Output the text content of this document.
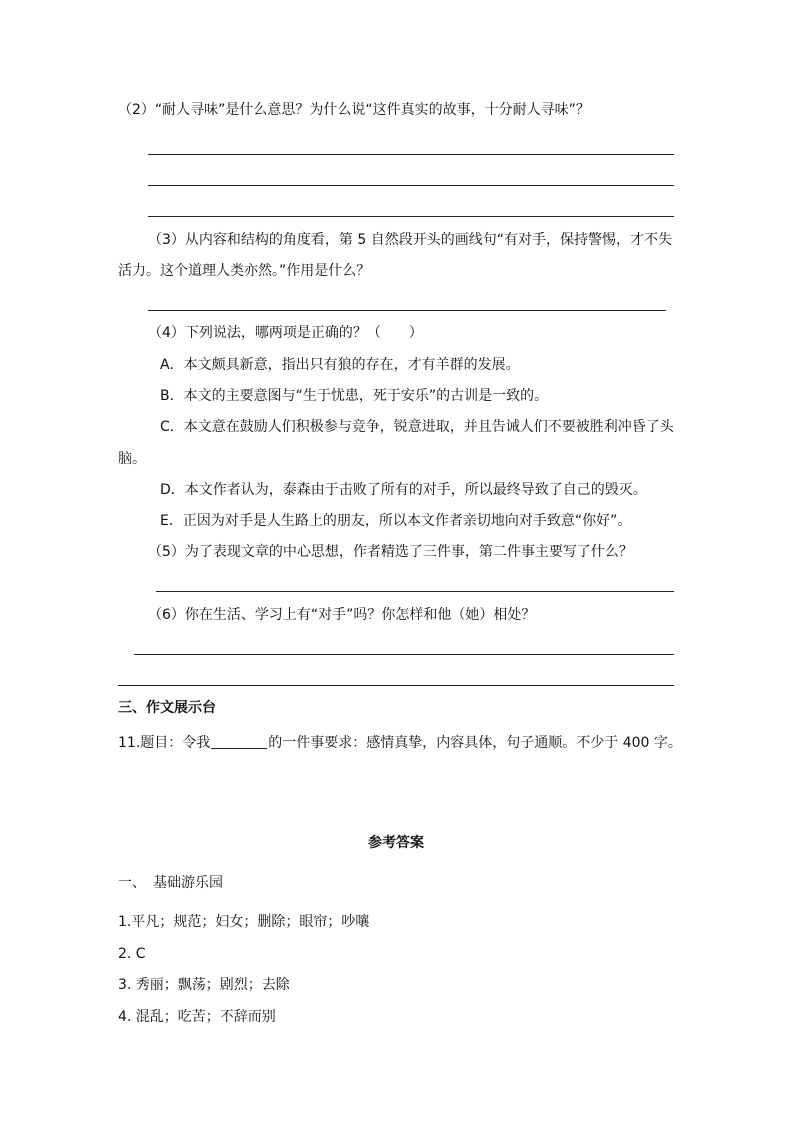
（2）“耐人寻味”是什么意思？为什么说“这件真实的故事，十分耐人寻味”？
（3）从内容和结构的角度看，第 5 自然段开头的画线句“有对手，保持警惕，才不失
活力。这个道理人类亦然。”作用是什么？
（4）下列说法，哪两项是正确的？（　　）
A．本文颇具新意，指出只有狼的存在，才有羊群的发展。
B．本文的主要意图与“生于忧患，死于安乐”的古训是一致的。
C．本文意在鼓励人们积极参与竞争，锐意进取，并且告诫人们不要被胜利冲昏了头
脑。
D．本文作者认为，泰森由于击败了所有的对手，所以最终导致了自己的毁灭。
E．正因为对手是人生路上的朋友，所以本文作者亲切地向对手致意“你好”。
（5）为了表现文章的中心思想，作者精选了三件事，第二件事主要写了什么？
（6）你在生活、学习上有“对手”吗？你怎样和他（她）相处？
三、作文展示台
11.题目：令我	的一件事要求：感情真挚，内容具体，句子通顺。不少于 400 字。
参考答案
一、　基础游乐园
1.平凡；规范；妇女；删除；眼帘；吵嚷
2. C
3. 秀丽；飘荡；剧烈；去除
4. 混乱；吃苦；不辞而别
